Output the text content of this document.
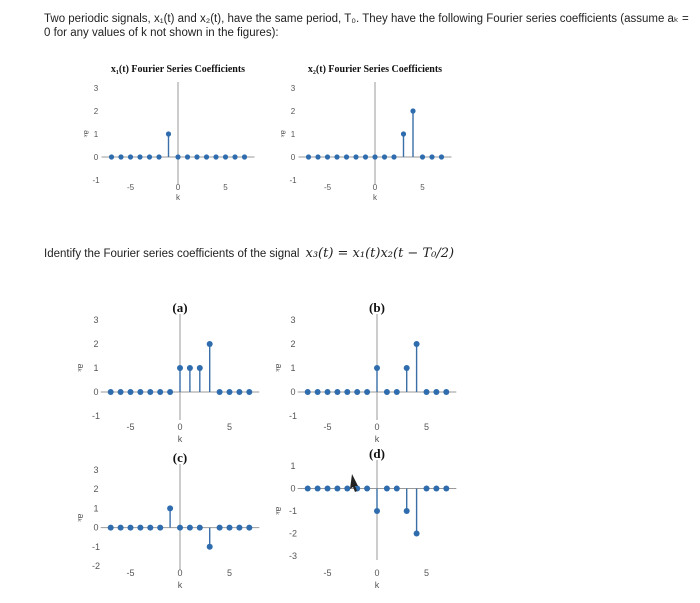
Two periodic signals, x₁(t) and x₂(t), have the same period, T₀. They have the following Fourier series coefficients (assume aₖ = 0 for any values of k not shown in the figures):
Identify the Fourier series coefficients of the signal x₃(t) = x₁(t)x₂(t − T₀/2)
x₁(t) Fourier Series Coefficients
-1
0
1
2
3
aₖ
-5	0	5
k
x₂(t) Fourier Series Coefficients
-1
0
1
2
3
aₖ
-5	0	5
k
(a)
-1
0
1
2
3
aₖ
-5	0	5
k
(b)
-1
0
1
2
3
aₖ
-5	0	5
k
(c)
-2
-1
0
1
2
3
aₖ
-5	0	5
k
(d)
-3
-2
-1
0
1
aₖ
-5	0	5
k
